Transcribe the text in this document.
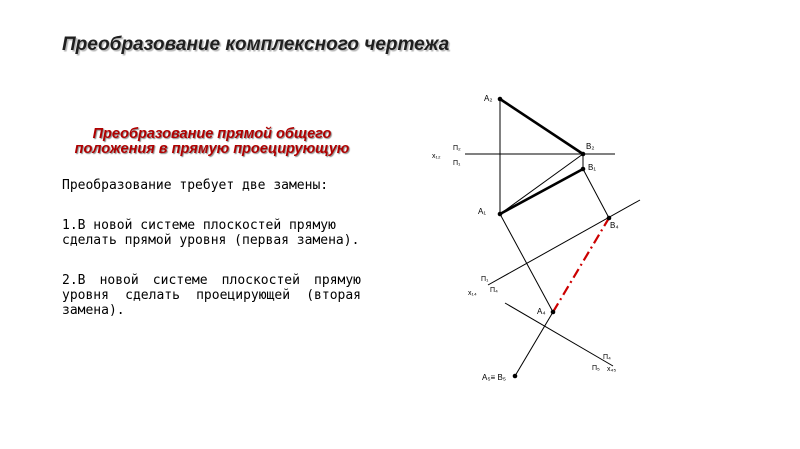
Преобразование комплексного чертежа
Преобразование прямой общего положения в прямую проецирующую

Преобразование требует две замены:

1.В новой системе плоскостей прямую сделать прямой уровня (первая замена).

2.В новой системе плоскостей прямую уровня сделать проецирующей (вторая замена).

A₂
B₂
B₁
A₁
B₄
A₄
A₅≡ B₅
x₁₂
П₂
П₁
П₁
x₁₄ П₄
П₄
П₅ x₄₅
